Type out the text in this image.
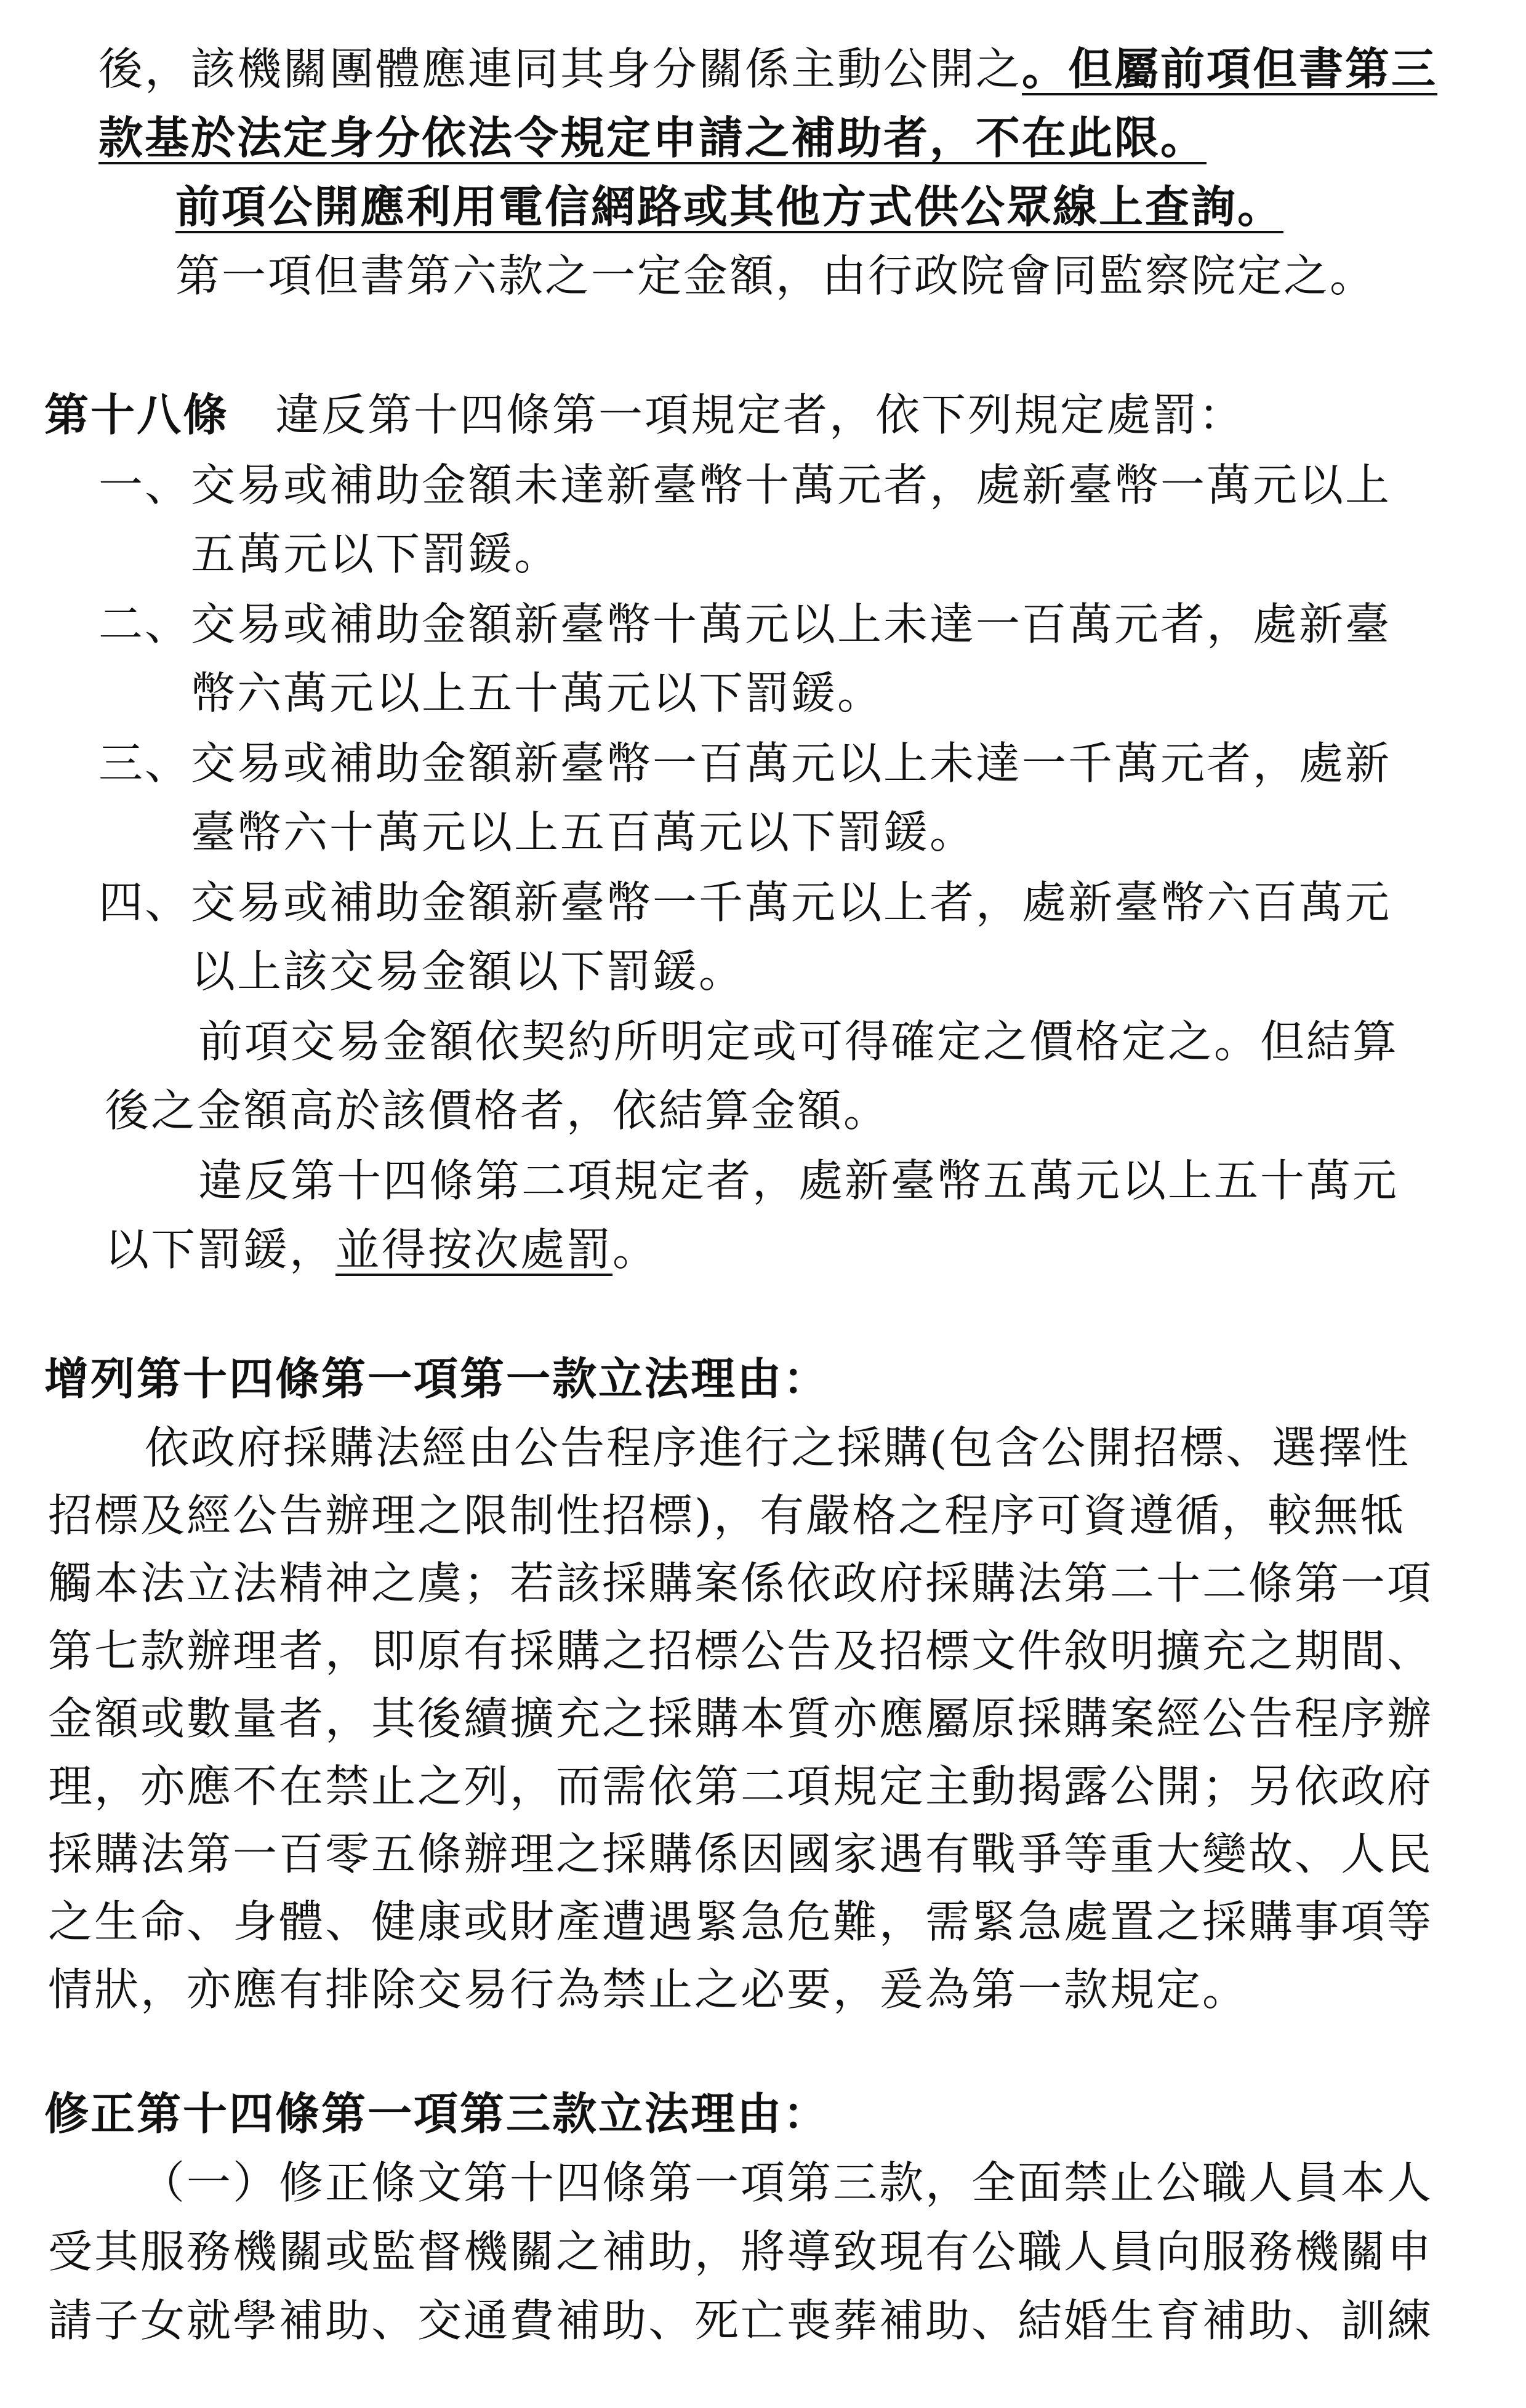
後，該機關團體應連同其身分關係主動公開之。但屬前項但書第三
款基於法定身分依法令規定申請之補助者，不在此限。
前項公開應利用電信網路或其他方式供公眾線上查詢。
第一項但書第六款之一定金額，由行政院會同監察院定之。
第十八條　違反第十四條第一項規定者，依下列規定處罰：
一、交易或補助金額未達新臺幣十萬元者，處新臺幣一萬元以上
五萬元以下罰鍰。
二、交易或補助金額新臺幣十萬元以上未達一百萬元者，處新臺
幣六萬元以上五十萬元以下罰鍰。
三、交易或補助金額新臺幣一百萬元以上未達一千萬元者，處新
臺幣六十萬元以上五百萬元以下罰鍰。
四、交易或補助金額新臺幣一千萬元以上者，處新臺幣六百萬元
以上該交易金額以下罰鍰。
前項交易金額依契約所明定或可得確定之價格定之。但結算
後之金額高於該價格者，依結算金額。
違反第十四條第二項規定者，處新臺幣五萬元以上五十萬元
以下罰鍰，並得按次處罰。
增列第十四條第一項第一款立法理由：
依政府採購法經由公告程序進行之採購(包含公開招標、選擇性
招標及經公告辦理之限制性招標)，有嚴格之程序可資遵循，較無牴
觸本法立法精神之虞；若該採購案係依政府採購法第二十二條第一項
第七款辦理者，即原有採購之招標公告及招標文件敘明擴充之期間、
金額或數量者，其後續擴充之採購本質亦應屬原採購案經公告程序辦
理，亦應不在禁止之列，而需依第二項規定主動揭露公開；另依政府
採購法第一百零五條辦理之採購係因國家遇有戰爭等重大變故、人民
之生命、身體、健康或財產遭遇緊急危難，需緊急處置之採購事項等
情狀，亦應有排除交易行為禁止之必要，爰為第一款規定。
修正第十四條第一項第三款立法理由：
（一）修正條文第十四條第一項第三款，全面禁止公職人員本人
受其服務機關或監督機關之補助，將導致現有公職人員向服務機關申
請子女就學補助、交通費補助、死亡喪葬補助、結婚生育補助、訓練
